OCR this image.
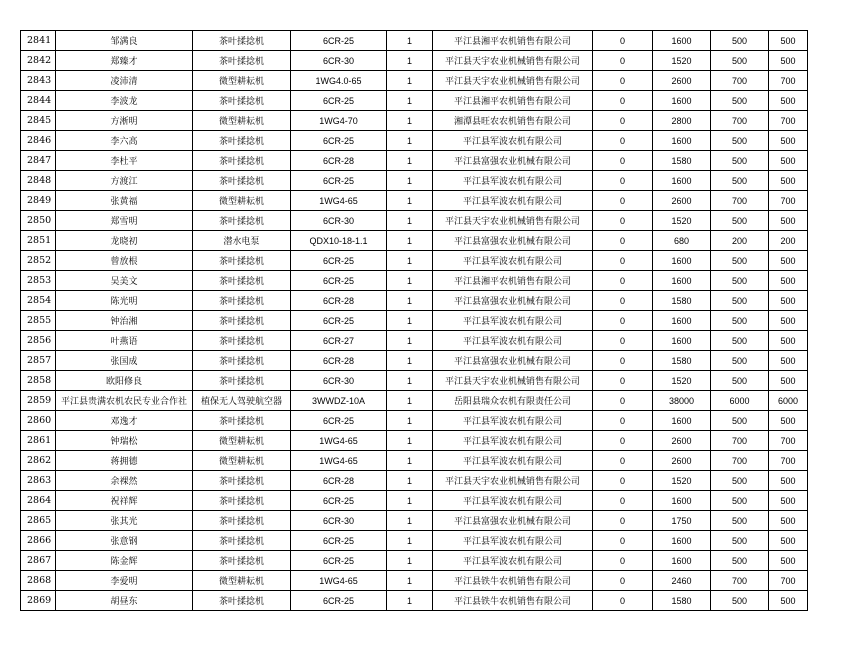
2841	邹满良	茶叶揉捻机	6CR-25	1	平江县湘平农机销售有限公司	0	1600	500	500
2842	郑臻才	茶叶揉捻机	6CR-30	1	平江县天宇农业机械销售有限公司	0	1520	500	500
2843	凌沛清	微型耕耘机	1WG4.0-65	1	平江县天宇农业机械销售有限公司	0	2600	700	700
2844	李波龙	茶叶揉捻机	6CR-25	1	平江县湘平农机销售有限公司	0	1600	500	500
2845	方淅明	微型耕耘机	1WG4-70	1	湘潭县旺农农机销售有限公司	0	2800	700	700
2846	李六高	茶叶揉捻机	6CR-25	1	平江县军波农机有限公司	0	1600	500	500
2847	李杜平	茶叶揉捻机	6CR-28	1	平江县富强农业机械有限公司	0	1580	500	500
2848	方渡江	茶叶揉捻机	6CR-25	1	平江县军波农机有限公司	0	1600	500	500
2849	张黄福	微型耕耘机	1WG4-65	1	平江县军波农机有限公司	0	2600	700	700
2850	郑雪明	茶叶揉捻机	6CR-30	1	平江县天宇农业机械销售有限公司	0	1520	500	500
2851	龙晓初	潜水电泵	QDX10-18-1.1	1	平江县富强农业机械有限公司	0	680	200	200
2852	曾放根	茶叶揉捻机	6CR-25	1	平江县军波农机有限公司	0	1600	500	500
2853	吴美文	茶叶揉捻机	6CR-25	1	平江县湘平农机销售有限公司	0	1600	500	500
2854	陈光明	茶叶揉捻机	6CR-28	1	平江县富强农业机械有限公司	0	1580	500	500
2855	钟治湘	茶叶揉捻机	6CR-25	1	平江县军波农机有限公司	0	1600	500	500
2856	叶燕语	茶叶揉捻机	6CR-27	1	平江县军波农机有限公司	0	1600	500	500
2857	张国成	茶叶揉捻机	6CR-28	1	平江县富强农业机械有限公司	0	1580	500	500
2858	欧阳修良	茶叶揉捻机	6CR-30	1	平江县天宇农业机械销售有限公司	0	1520	500	500
2859	平江县贵满农机农民专业合作社	植保无人驾驶航空器	3WWDZ-10A	1	岳阳县瑞众农机有限责任公司	0	38000	6000	6000
2860	邓逸才	茶叶揉捻机	6CR-25	1	平江县军波农机有限公司	0	1600	500	500
2861	钟瑞松	微型耕耘机	1WG4-65	1	平江县军波农机有限公司	0	2600	700	700
2862	蒋拥德	微型耕耘机	1WG4-65	1	平江县军波农机有限公司	0	2600	700	700
2863	余裸然	茶叶揉捻机	6CR-28	1	平江县天宇农业机械销售有限公司	0	1520	500	500
2864	祝祥辉	茶叶揉捻机	6CR-25	1	平江县军波农机有限公司	0	1600	500	500
2865	张其光	茶叶揉捻机	6CR-30	1	平江县富强农业机械有限公司	0	1750	500	500
2866	张意钢	茶叶揉捻机	6CR-25	1	平江县军波农机有限公司	0	1600	500	500
2867	陈金辉	茶叶揉捻机	6CR-25	1	平江县军波农机有限公司	0	1600	500	500
2868	李爱明	微型耕耘机	1WG4-65	1	平江县铁牛农机销售有限公司	0	2460	700	700
2869	胡昼东	茶叶揉捻机	6CR-25	1	平江县铁牛农机销售有限公司	0	1580	500	500
